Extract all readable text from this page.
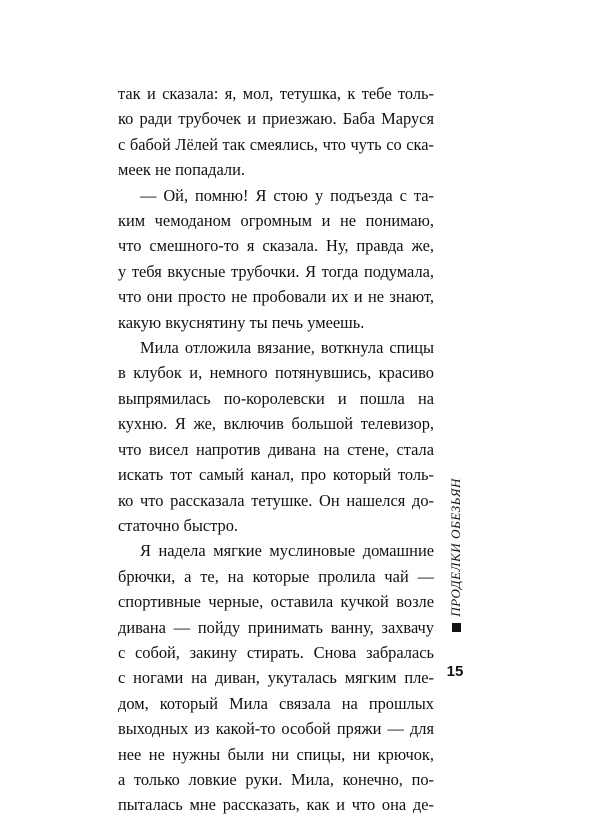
так и сказала: я, мол, тетушка, к тебе толь-
ко ради трубочек и приезжаю. Баба Маруся
с бабой Лёлей так смеялись, что чуть со ска-
меек не попадали.
— Ой, помню! Я стою у подъезда с та-
ким чемоданом огромным и не понимаю,
что смешного-то я сказала. Ну, правда же,
у тебя вкусные трубочки. Я тогда подумала,
что они просто не пробовали их и не знают,
какую вкуснятину ты печь умеешь.
Мила отложила вязание, воткнула спицы
в клубок и, немного потянувшись, красиво
выпрямилась по-королевски и пошла на
кухню. Я же, включив большой телевизор,
что висел напротив дивана на стене, стала
искать тот самый канал, про который толь-
ко что рассказала тетушке. Он нашелся до-
статочно быстро.
Я надела мягкие муслиновые домашние
брючки, а те, на которые пролила чай —
спортивные черные, оставила кучкой возле
дивана — пойду принимать ванну, захвачу
с собой, закину стирать. Снова забралась
с ногами на диван, укуталась мягким пле-
дом, который Мила связала на прошлых
выходных из какой-то особой пряжи — для
нее не нужны были ни спицы, ни крючок,
а только ловкие руки. Мила, конечно, по-
пыталась мне рассказать, как и что она де-
ПРОДЕЛКИ ОБЕЗЬЯН
15
